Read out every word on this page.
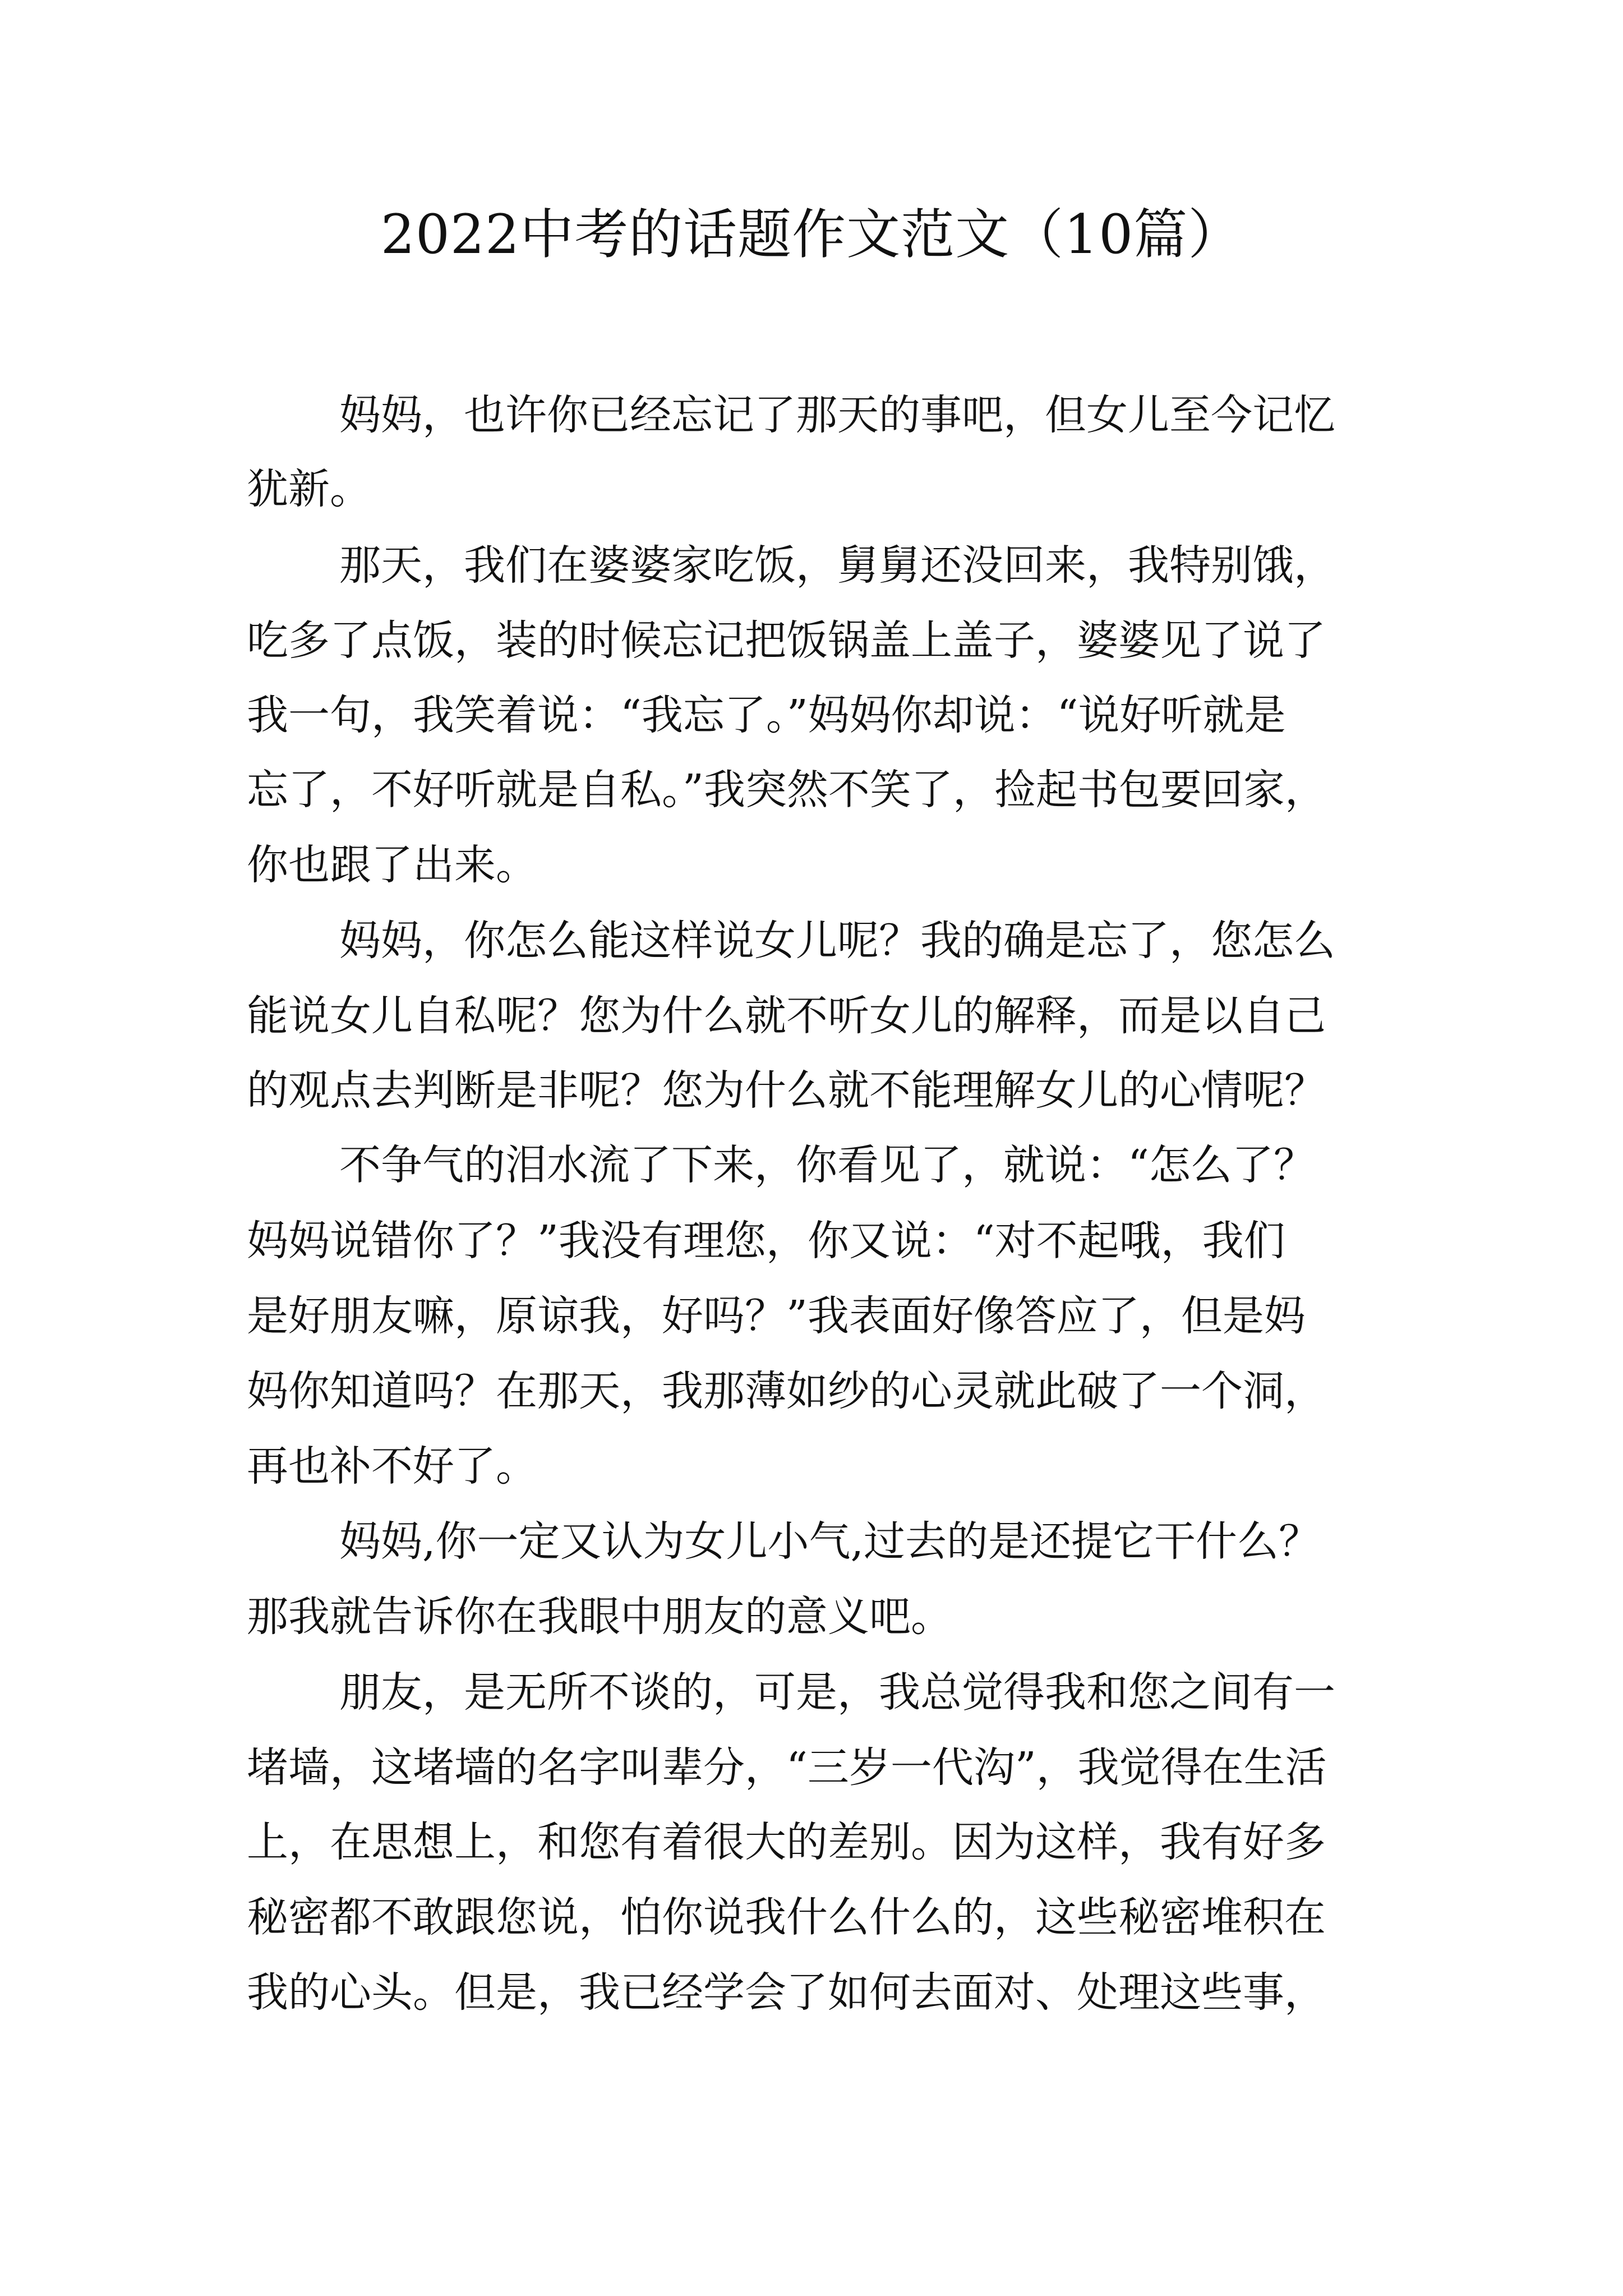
2022中考的话题作文范文（10篇）
妈妈，也许你已经忘记了那天的事吧，但女儿至今记忆
犹新。
那天，我们在婆婆家吃饭，舅舅还没回来，我特别饿，
吃多了点饭，装的时候忘记把饭锅盖上盖子，婆婆见了说了
我一句，我笑着说：“我忘了。”妈妈你却说：“说好听就是
忘了，不好听就是自私。”我突然不笑了，捡起书包要回家，
你也跟了出来。
妈妈，你怎么能这样说女儿呢？我的确是忘了，您怎么
能说女儿自私呢？您为什么就不听女儿的解释，而是以自己
的观点去判断是非呢？您为什么就不能理解女儿的心情呢？
不争气的泪水流了下来，你看见了，就说：“怎么了？
妈妈说错你了？”我没有理您，你又说：“对不起哦，我们
是好朋友嘛，原谅我，好吗？”我表面好像答应了，但是妈
妈你知道吗？在那天，我那薄如纱的心灵就此破了一个洞，
再也补不好了。
妈妈,你一定又认为女儿小气,过去的是还提它干什么？
那我就告诉你在我眼中朋友的意义吧。
朋友，是无所不谈的，可是，我总觉得我和您之间有一
堵墙，这堵墙的名字叫辈分，“三岁一代沟”，我觉得在生活
上，在思想上，和您有着很大的差别。因为这样，我有好多
秘密都不敢跟您说，怕你说我什么什么的，这些秘密堆积在
我的心头。但是，我已经学会了如何去面对、处理这些事，
